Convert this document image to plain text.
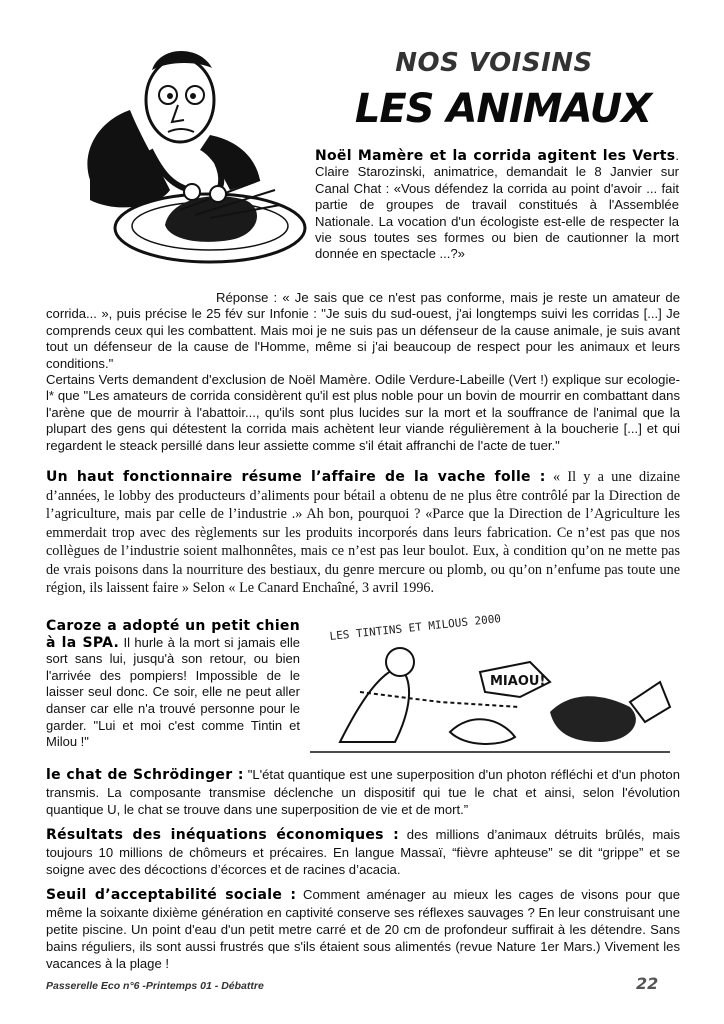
NOS VOISINS
LES ANIMAUX

Noël Mamère et la corrida agitent les Verts. Claire Starozinski, animatrice, demandait le 8 Janvier sur Canal Chat : «Vous défendez la corrida au point d'avoir ... fait partie de groupes de travail constitués à l'Assemblée Nationale. La vocation d'un écologiste est-elle de respecter la vie sous toutes ses formes ou bien de cautionner la mort donnée en spectacle ...?»

Réponse : « Je sais que ce n'est pas conforme, mais je reste un amateur de corrida... », puis précise le 25 fév sur Infonie : "Je suis du sud-ouest, j'ai longtemps suivi les corridas [...] Je comprends ceux qui les combattent. Mais moi je ne suis pas un défenseur de la cause animale, je suis avant tout un défenseur de la cause de l'Homme, même si j'ai beaucoup de respect pour les animaux et leurs conditions."

Certains Verts demandent d'exclusion de Noël Mamère. Odile Verdure-Labeille (Vert !) explique sur ecologie-l* que "Les amateurs de corrida considèrent qu'il est plus noble pour un bovin de mourrir en combattant dans l'arène que de mourrir à l'abattoir..., qu'ils sont plus lucides sur la mort et la souffrance de l'animal que la plupart des gens qui détestent la corrida mais achètent leur viande régulièrement à la boucherie [...] et qui regardent le steack persillé dans leur assiette comme s'il était affranchi de l'acte de tuer."

Un haut fonctionnaire résume l’affaire de la vache folle : « Il y a une dizaine d’années, le lobby des producteurs d’aliments pour bétail a obtenu de ne plus être contrôlé par la Direction de l’agriculture, mais par celle de l’industrie .» Ah bon, pourquoi ? «Parce que la Direction de l’Agriculture les emmerdait trop avec des règlements sur les produits incorporés dans leurs fabrication. Ce n’est pas que nos collègues de l’industrie soient malhonnêtes, mais ce n’est pas leur boulot. Eux, à condition qu’on ne mette pas de vrais poisons dans la nourriture des bestiaux, du genre mercure ou plomb, ou qu’on n’enfume pas toute une région, ils laissent faire » Selon « Le Canard Enchaîné, 3 avril 1996.

Caroze a adopté un petit chien à la SPA. Il hurle à la mort si jamais elle sort sans lui, jusqu'à son retour, ou bien l'arrivée des pompiers! Impossible de le laisser seul donc. Ce soir, elle ne peut aller danser car elle n'a trouvé personne pour le garder. "Lui et moi c'est comme Tintin et Milou !"

LES TINTINS ET MILOUS 2000
MIAOU!

le chat de Schrödinger : "L'état quantique est une superposition d'un photon réfléchi et d'un photon transmis. La composante transmise déclenche un dispositif qui tue le chat et ainsi, selon l'évolution quantique U, le chat se trouve dans une superposition de vie et de mort.”

Résultats des inéquations économiques : des millions d’animaux détruits brûlés, mais toujours 10 millions de chômeurs et précaires. En langue Massaï, “fièvre aphteuse” se dit “grippe” et se soigne avec des décoctions d’écorces et de racines d’acacia.

Seuil d’acceptabilité sociale : Comment aménager au mieux les cages de visons pour que même la soixante dixième génération en captivité conserve ses réflexes sauvages ? En leur construisant une petite piscine. Un point d'eau d'un petit metre carré et de 20 cm de profondeur suffirait à les détendre. Sans bains réguliers, ils sont aussi frustrés que s'ils étaient sous alimentés (revue Nature 1er Mars.) Vivement les vacances à la plage !

Passerelle Eco n°6 -Printemps 01 - Débattre	22
